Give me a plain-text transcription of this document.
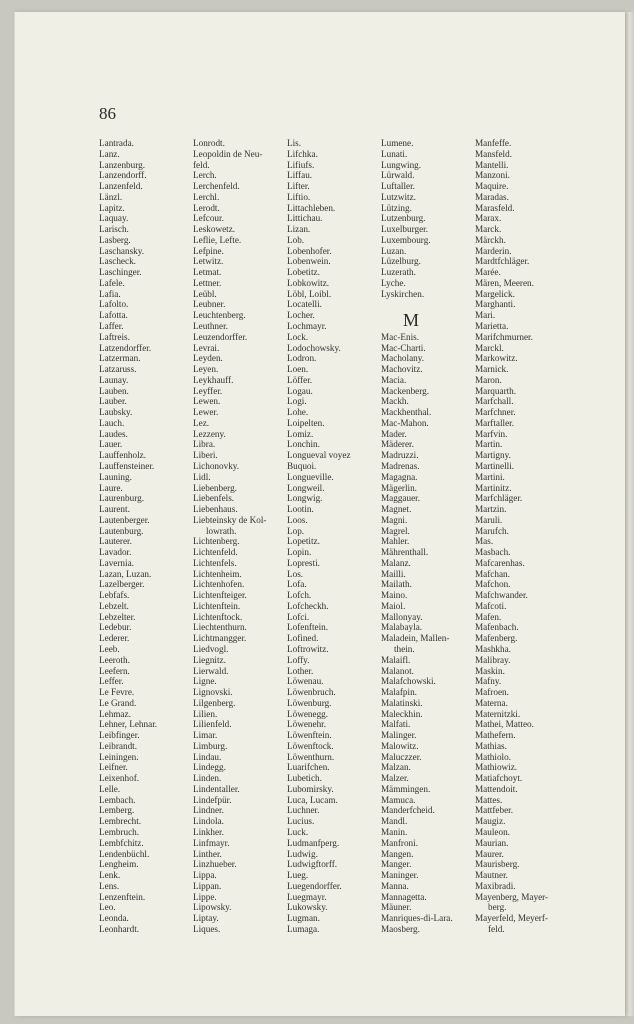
86
Lantrada.
Lanz.
Lanzenburg.
Lanzendorff.
Lanzenfeld.
Länzl.
Lapitz.
Laquay.
Larisch.
Lasberg.
Laschansky.
Lascheck.
Laschinger.
Lafele.
Lafia.
Lafolto.
Lafotta.
Laffer.
Laftreis.
Latzendorffer.
Latzerman.
Latzaruss.
Launay.
Lauben.
Lauber.
Laubsky.
Lauch.
Laudes.
Lauer.
Lauffenholz.
Lauffensteiner.
Launing.
Laure.
Laurenburg.
Laurent.
Lautenberger.
Lautenburg.
Lauterer.
Lavador.
Lavernia.
Lazan, Luzan.
Lazelberger.
Lebfafs.
Lebzelt.
Lebzelter.
Ledebur.
Lederer.
Leeb.
Leeroth.
Leefern.
Leffer.
Le Fevre.
Le Grand.
Lehmaz.
Lehner, Lehnar.
Leibfinger.
Leibrandt.
Leiningen.
Leifner.
Leixenhof.
Lelle.
Lembach.
Lemberg.
Lembrecht.
Lembruch.
Lembfchitz.
Lendenbüchl.
Lengheim.
Lenk.
Lens.
Lenzenftein.
Leo.
Leonda.
Leonhardt.
Lonrodt.
Leopoldin de Neu-
feld.
Lerch.
Lerchenfeld.
Lerchl.
Lerodt.
Lefcour.
Leskowetz.
Leflie, Lefte.
Lefpine.
Letwitz.
Letmat.
Lettner.
Leübl.
Leubner.
Leuchtenberg.
Leuthner.
Leuzendorffer.
Levrai.
Leyden.
Leyen.
Leykhauff.
Leyffer.
Lewen.
Lewer.
Lez.
Lezzeny.
Libra.
Liberi.
Lichonovky.
Lidl.
Liebenberg.
Liebenfels.
Liebenhaus.
Liebteinsky de Kol-
lowrath.
Lichtenberg.
Lichtenfeld.
Lichtenfels.
Lichtenheim.
Lichtenhofen.
Lichtenfteiger.
Lichtenftein.
Lichtenftock.
Liechtenthurn.
Lichtmangger.
Liedvogl.
Liegnitz.
Lierwald.
Ligne.
Lignovski.
Lilgenberg.
Lilien.
Lilienfeld.
Limar.
Limburg.
Lindau.
Lindegg.
Linden.
Lindentaller.
Lindefpür.
Lindner.
Lindola.
Linkher.
Linfmayr.
Linther.
Linzhueber.
Lippa.
Lippan.
Lippe.
Lipowsky.
Liptay.
Liques.
Lis.
Lifchka.
Lifiufs.
Liffau.
Lifter.
Liftio.
Littachleben.
Littichau.
Lizan.
Lob.
Lobenhofer.
Lobenwein.
Lobetitz.
Lobkowitz.
Löbl, Loibl.
Locatelli.
Locher.
Lochmayr.
Lock.
Lodochowsky.
Lodron.
Loen.
Löffer.
Logau.
Logi.
Lohe.
Loipelten.
Lomiz.
Lonchin.
Longueval voyez
Buquoi.
Longueville.
Longweil.
Longwig.
Lootin.
Loos.
Lop.
Lopetitz.
Lopin.
Lopresti.
Los.
Lofa.
Lofch.
Lofcheckh.
Lofci.
Lofenftein.
Lofined.
Loftrowitz.
Loffy.
Lother.
Löwenau.
Löwenbruch.
Löwenburg.
Löwenegg.
Löwenehr.
Löwenftein.
Löwenftock.
Löwenthurn.
Luarifchen.
Lubetich.
Lubomirsky.
Luca, Lucam.
Luchner.
Lucius.
Luck.
Ludmanfperg.
Ludwig.
Ludwigftorff.
Lueg.
Luegendorffer.
Luegmayr.
Lukowsky.
Lugman.
Lumaga.
Lumene.
Lunati.
Lungwing.
Lürwald.
Luftaller.
Lutzwitz.
Lützing.
Lutzenburg.
Luxelburger.
Luxembourg.
Luzan.
Lüzelburg.
Luzerath.
Lyche.
Lyskirchen.
M
Mac-Enis.
Mac-Charti.
Macholany.
Machovitz.
Macia.
Mackenberg.
Mackh.
Mackhenthal.
Mac-Mahon.
Mader.
Mäderer.
Madruzzi.
Madrenas.
Magagna.
Mägerlin.
Maggauer.
Magnet.
Magni.
Magrel.
Mahler.
Mährenthall.
Malanz.
Mailli.
Mailath.
Maino.
Maiol.
Mallonyay.
Malabayla.
Maladein, Mallen-
thein.
Malaifl.
Malanot.
Malafchowski.
Malafpin.
Malatinski.
Maleckhin.
Malfati.
Malinger.
Malowitz.
Maluczzer.
Malzan.
Malzer.
Mämmingen.
Mamuca.
Manderfcheid.
Mandl.
Manin.
Manfroni.
Mangen.
Manger.
Maninger.
Manna.
Mannagetta.
Mäuner.
Manriques-di-Lara.
Maosberg.
Manfeffe.
Mansfeld.
Mantelli.
Manzoni.
Maquire.
Maradas.
Marasfeld.
Marax.
Marck.
Märckh.
Marderin.
Mardtfchläger.
Marée.
Mären, Meeren.
Margelick.
Marghanti.
Mari.
Marietta.
Marifchmurner.
Marckl.
Markowitz.
Marnick.
Maron.
Marquarth.
Marfchall.
Marfchner.
Marftaller.
Marfvin.
Martin.
Martigny.
Martinelli.
Martini.
Martinitz.
Marfchläger.
Martzin.
Maruli.
Marufch.
Mas.
Masbach.
Mafcarenhas.
Mafchan.
Mafchon.
Mafchwander.
Mafcoti.
Mafen.
Mafenbach.
Mafenberg.
Mashkha.
Malibray.
Maskin.
Mafny.
Mafroen.
Materna.
Maternitzki.
Mathei, Matteo.
Mathefern.
Mathias.
Mathiolo.
Mathiowiz.
Matiafchoyt.
Mattendoit.
Mattes.
Mattfeber.
Maugiz.
Mauleon.
Maurian.
Maurer.
Maurisberg.
Mautner.
Maxibradi.
Mayenberg, Mayer-
berg.
Mayerfeld, Meyerf-
feld.
